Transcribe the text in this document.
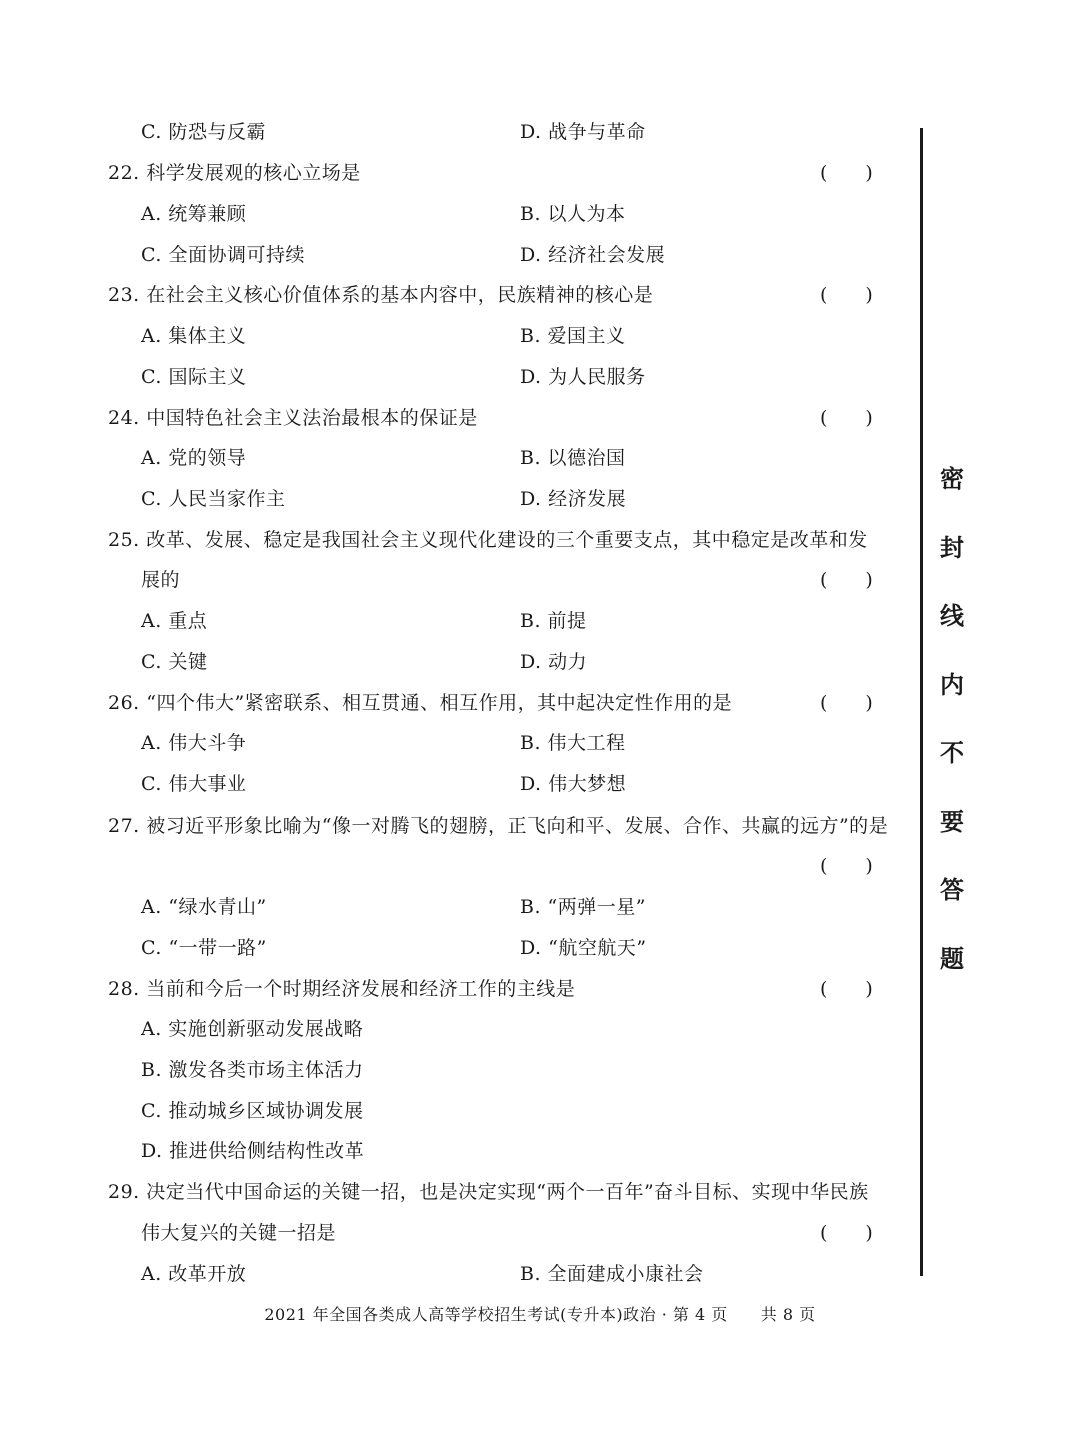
C. 防恐与反霸	D. 战争与革命
22. 科学发展观的核心立场是	(　　)
A. 统筹兼顾	B. 以人为本
C. 全面协调可持续	D. 经济社会发展
23. 在社会主义核心价值体系的基本内容中，民族精神的核心是	(　　)
A. 集体主义	B. 爱国主义
C. 国际主义	D. 为人民服务
24. 中国特色社会主义法治最根本的保证是	(　　)
A. 党的领导	B. 以德治国
C. 人民当家作主	D. 经济发展
25. 改革、发展、稳定是我国社会主义现代化建设的三个重要支点，其中稳定是改革和发
展的	(　　)
A. 重点	B. 前提
C. 关键	D. 动力
26. “四个伟大”紧密联系、相互贯通、相互作用，其中起决定性作用的是	(　　)
A. 伟大斗争	B. 伟大工程
C. 伟大事业	D. 伟大梦想
27. 被习近平形象比喻为“像一对腾飞的翅膀，正飞向和平、发展、合作、共赢的远方”的是
(　　)
A. “绿水青山”	B. “两弹一星”
C. “一带一路”	D. “航空航天”
28. 当前和今后一个时期经济发展和经济工作的主线是	(　　)
A. 实施创新驱动发展战略
B. 激发各类市场主体活力
C. 推动城乡区域协调发展
D. 推进供给侧结构性改革
29. 决定当代中国命运的关键一招，也是决定实现“两个一百年”奋斗目标、实现中华民族
伟大复兴的关键一招是	(　　)
A. 改革开放	B. 全面建成小康社会
密
封
线
内
不
要
答
题
2021 年全国各类成人高等学校招生考试(专升本)政治 · 第 4 页　　共 8 页
